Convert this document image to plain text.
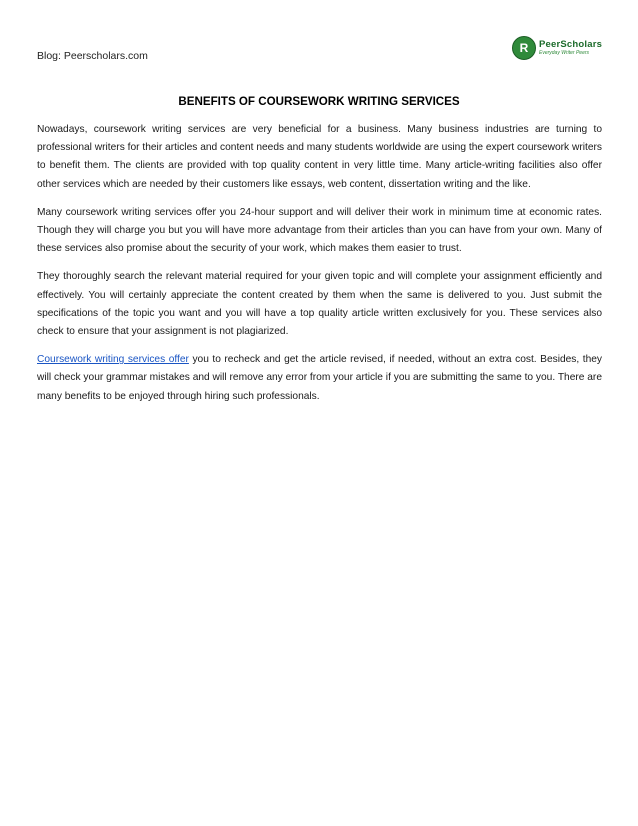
Blog: Peerscholars.com
R	PeerScholars
Everyday Writer Peers
BENEFITS OF COURSEWORK WRITING SERVICES

Nowadays, coursework writing services are very beneficial for a business. Many business industries are turning to professional writers for their articles and content needs and many students worldwide are using the expert coursework writers to benefit them. The clients are provided with top quality content in very little time. Many article-writing facilities also offer other services which are needed by their customers like essays, web content, dissertation writing and the like.

Many coursework writing services offer you 24-hour support and will deliver their work in minimum time at economic rates. Though they will charge you but you will have more advantage from their articles than you can have from your own. Many of these services also promise about the security of your work, which makes them easier to trust.

They thoroughly search the relevant material required for your given topic and will complete your assignment efficiently and effectively. You will certainly appreciate the content created by them when the same is delivered to you. Just submit the specifications of the topic you want and you will have a top quality article written exclusively for you. These services also check to ensure that your assignment is not plagiarized.

Coursework writing services offer you to recheck and get the article revised, if needed, without an extra cost. Besides, they will check your grammar mistakes and will remove any error from your article if you are submitting the same to you. There are many benefits to be enjoyed through hiring such professionals.
